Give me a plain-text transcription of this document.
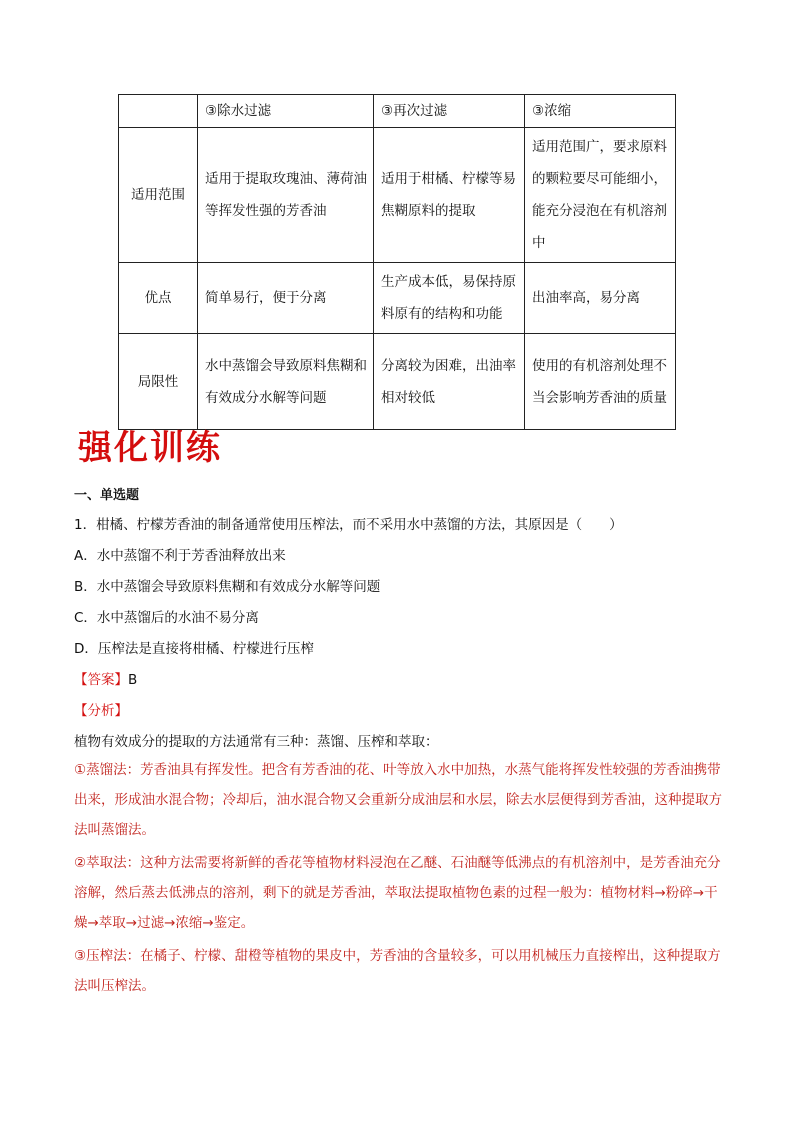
	③除水过滤	③再次过滤	③浓缩
适用范围	适用于提取玫瑰油、薄荷油等挥发性强的芳香油	适用于柑橘、柠檬等易焦糊原料的提取	适用范围广，要求原料的颗粒要尽可能细小，能充分浸泡在有机溶剂中
优点	简单易行，便于分离	生产成本低，易保持原料原有的结构和功能	出油率高，易分离
局限性	水中蒸馏会导致原料焦糊和有效成分水解等问题	分离较为困难，出油率相对较低	使用的有机溶剂处理不当会影响芳香油的质量
强化训练

一、单选题

1．柑橘、柠檬芳香油的制备通常使用压榨法，而不采用水中蒸馏的方法，其原因是（　　）

A．水中蒸馏不利于芳香油释放出来

B．水中蒸馏会导致原料焦糊和有效成分水解等问题

C．水中蒸馏后的水油不易分离

D．压榨法是直接将柑橘、柠檬进行压榨

【答案】B

【分析】

植物有效成分的提取的方法通常有三种：蒸馏、压榨和萃取：

①蒸馏法：芳香油具有挥发性。把含有芳香油的花、叶等放入水中加热，水蒸气能将挥发性较强的芳香油携带出来，形成油水混合物；冷却后，油水混合物又会重新分成油层和水层，除去水层便得到芳香油，这种提取方法叫蒸馏法。

②萃取法：这种方法需要将新鲜的香花等植物材料浸泡在乙醚、石油醚等低沸点的有机溶剂中，是芳香油充分溶解，然后蒸去低沸点的溶剂，剩下的就是芳香油，萃取法提取植物色素的过程一般为：植物材料→粉碎→干燥→萃取→过滤→浓缩→鉴定。

③压榨法：在橘子、柠檬、甜橙等植物的果皮中，芳香油的含量较多，可以用机械压力直接榨出，这种提取方法叫压榨法。
